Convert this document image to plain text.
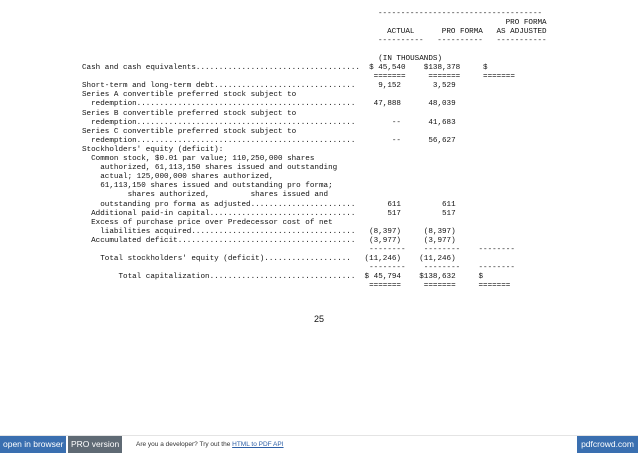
------------------------------------
PRO FORMA
ACTUAL      PRO FORMA   AS ADJUSTED
----------   ----------   -----------
(IN THOUSANDS)
Cash and cash equivalents....................................  $ 45,540    $138,378     $
=======     =======     =======
Short-term and long-term debt...............................     9,152       3,529
Series A convertible preferred stock subject to
redemption................................................    47,888      48,039
Series B convertible preferred stock subject to
redemption................................................        --      41,683
Series C convertible preferred stock subject to
redemption................................................        --      56,627
Stockholders' equity (deficit):
Common stock, $0.01 par value; 110,250,000 shares
authorized, 61,113,150 shares issued and outstanding
actual; 125,000,000 shares authorized,
61,113,150 shares issued and outstanding pro forma;
shares authorized,         shares issued and
outstanding pro forma as adjusted.......................       611         611
Additional paid-in capital................................       517         517
Excess of purchase price over Predecessor cost of net
liabilities acquired....................................   (8,397)     (8,397)
Accumulated deficit.......................................   (3,977)     (3,977)
--------    --------    --------
Total stockholders' equity (deficit)...................   (11,246)    (11,246)
--------    --------    --------
Total capitalization................................  $ 45,794    $138,632     $
=======     =======     =======
25
open in browser PRO version	Are you a developer? Try out the HTML to PDF API	pdfcrowd.com
